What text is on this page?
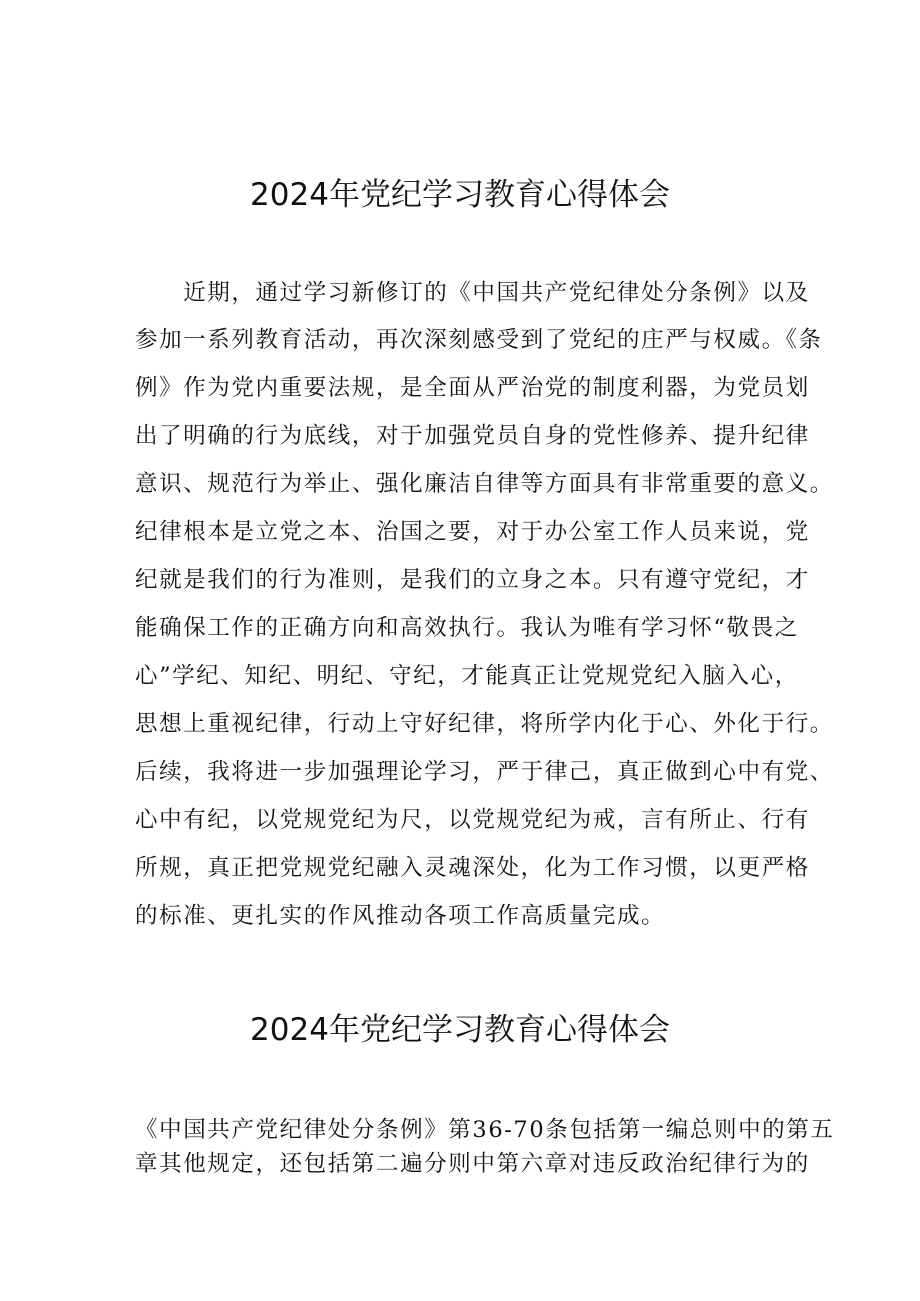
2024年党纪学习教育心得体会
　　近期，通过学习新修订的《中国共产党纪律处分条例》以及
参加一系列教育活动，再次深刻感受到了党纪的庄严与权威。《条
例》作为党内重要法规，是全面从严治党的制度利器，为党员划
出了明确的行为底线，对于加强党员自身的党性修养、提升纪律
意识、规范行为举止、强化廉洁自律等方面具有非常重要的意义。
纪律根本是立党之本、治国之要，对于办公室工作人员来说，党
纪就是我们的行为准则，是我们的立身之本。只有遵守党纪，才
能确保工作的正确方向和高效执行。我认为唯有学习怀“敬畏之
心”学纪、知纪、明纪、守纪，才能真正让党规党纪入脑入心，
思想上重视纪律，行动上守好纪律，将所学内化于心、外化于行。
后续，我将进一步加强理论学习，严于律己，真正做到心中有党、
心中有纪，以党规党纪为尺，以党规党纪为戒，言有所止、行有
所规，真正把党规党纪融入灵魂深处，化为工作习惯，以更严格
的标准、更扎实的作风推动各项工作高质量完成。
2024年党纪学习教育心得体会
《中国共产党纪律处分条例》第36-70条包括第一编总则中的第五
章其他规定，还包括第二遍分则中第六章对违反政治纪律行为的
